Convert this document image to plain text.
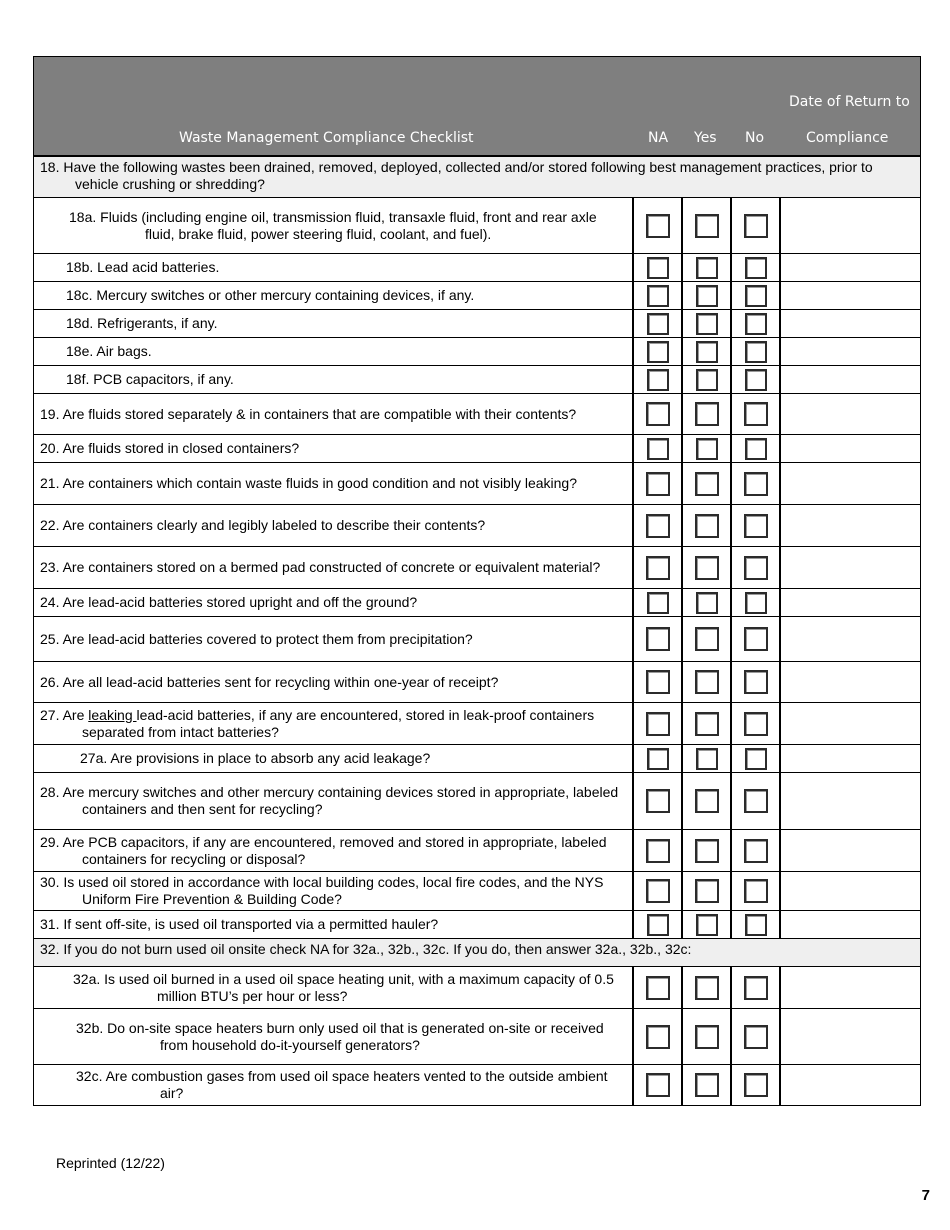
Waste Management Compliance Checklist	NA Yes No
Date of Return to
Compliance
18. Have the following wastes been drained, removed, deployed, collected and/or stored following best management practices, prior to vehicle crushing or shredding?
18a. Fluids (including engine oil, transmission fluid, transaxle fluid, front and rear axle fluid, brake fluid, power steering fluid, coolant, and fuel).
18b. Lead acid batteries.
18c. Mercury switches or other mercury containing devices, if any.
18d. Refrigerants, if any.
18e. Air bags.
18f. PCB capacitors, if any.
19. Are fluids stored separately & in containers that are compatible with their contents?
20. Are fluids stored in closed containers?
21. Are containers which contain waste fluids in good condition and not visibly leaking?
22. Are containers clearly and legibly labeled to describe their contents?
23. Are containers stored on a bermed pad constructed of concrete or equivalent material?
24. Are lead-acid batteries stored upright and off the ground?
25. Are lead-acid batteries covered to protect them from precipitation?
26. Are all lead-acid batteries sent for recycling within one-year of receipt?
27. Are leaking lead-acid batteries, if any are encountered, stored in leak-proof containers separated from intact batteries?
27a. Are provisions in place to absorb any acid leakage?
28. Are mercury switches and other mercury containing devices stored in appropriate, labeled containers and then sent for recycling?
29. Are PCB capacitors, if any are encountered, removed and stored in appropriate, labeled containers for recycling or disposal?
30. Is used oil stored in accordance with local building codes, local fire codes, and the NYS Uniform Fire Prevention & Building Code?
31. If sent off-site, is used oil transported via a permitted hauler?
32. If you do not burn used oil onsite check NA for 32a., 32b., 32c. If you do, then answer 32a., 32b., 32c:
32a. Is used oil burned in a used oil space heating unit, with a maximum capacity of 0.5 million BTU’s per hour or less?
32b. Do on-site space heaters burn only used oil that is generated on-site or received from household do-it-yourself generators?
32c. Are combustion gases from used oil space heaters vented to the outside ambient air?
Reprinted (12/22)
7
